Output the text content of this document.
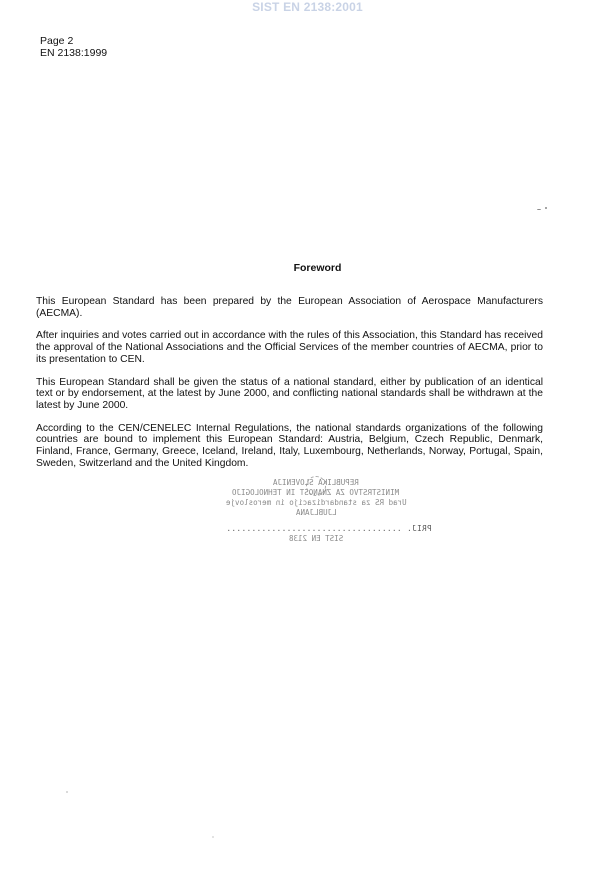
SIST EN 2138:2001
Page 2
EN 2138:1999
Foreword

This European Standard has been prepared by the European Association of Aerospace Manufacturers (AECMA).

After inquiries and votes carried out in accordance with the rules of this Association, this Standard has received the approval of the National Associations and the Official Services of the member countries of AECMA, prior to its presentation to CEN.

This European Standard shall be given the status of a national standard, either by publication of an identical text or by endorsement, at the latest by June 2000, and conflicting national standards shall be withdrawn at the latest by June 2000.

According to the CEN/CENELEC Internal Regulations, the national standards organizations of the following countries are bound to implement this European Standard: Austria, Belgium, Czech Republic, Denmark, Finland, France, Germany, Greece, Iceland, Ireland, Italy, Luxembourg, Netherlands, Norway, Portugal, Spain, Sweden, Switzerland and the United Kingdom.

REPUBLIKA SLOVENIJA
MINISTRSTVO ZA ZNANOST IN TEHNOLOGIJO
Urad RS za standardizacijo in meroslovje
LJUBLJANA
PRIJ. ...................................
SIST EN 2138
